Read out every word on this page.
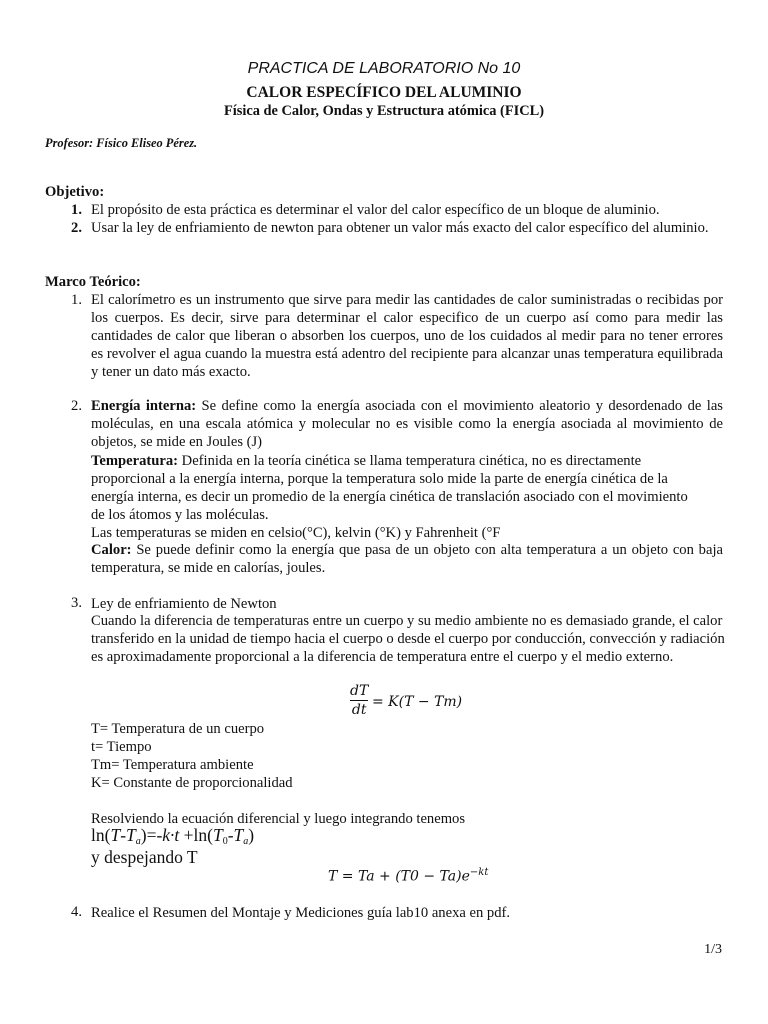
PRACTICA DE LABORATORIO No 10
CALOR ESPECÍFICO DEL ALUMINIO
Física de Calor, Ondas y Estructura atómica (FICL)
Profesor: Físico Eliseo Pérez.
Objetivo:
1. El propósito de esta práctica es determinar el valor del calor específico de un bloque de aluminio.
2. Usar la ley de enfriamiento de newton para obtener un valor más exacto del calor específico del aluminio.
Marco Teórico:
1. El calorímetro es un instrumento que sirve para medir las cantidades de calor suministradas o recibidas por los cuerpos. Es decir, sirve para determinar el calor especifico de un cuerpo así como para medir las cantidades de calor que liberan o absorben los cuerpos, uno de los cuidados al medir para no tener errores es revolver el agua cuando la muestra está adentro del recipiente para alcanzar unas temperatura equilibrada y tener un dato más exacto.
2. Energía interna: Se define como la energía asociada con el movimiento aleatorio y desordenado de las moléculas, en una escala atómica y molecular no es visible como la energía asociada al movimiento de objetos, se mide en Joules (J)
Temperatura: Definida en la teoría cinética se llama temperatura cinética, no es directamente
proporcional a la energía interna, porque la temperatura solo mide la parte de energía cinética de la
energía interna, es decir un promedio de la energía cinética de translación asociado con el movimiento
de los átomos y las moléculas.
Las temperaturas se miden en celsio(°C), kelvin (°K) y Fahrenheit (°F
Calor: Se puede definir como la energía que pasa de un objeto con alta temperatura a un objeto con baja temperatura, se mide en calorías, joules.
3. Ley de enfriamiento de Newton
Cuando la diferencia de temperaturas entre un cuerpo y su medio ambiente no es demasiado grande, el calor transferido en la unidad de tiempo hacia el cuerpo o desde el cuerpo por conducción, convección y radiación es aproximadamente proporcional a la diferencia de temperatura entre el cuerpo y el medio externo.
dT
dt = K(T − Tm)
T= Temperatura de un cuerpo
t= Tiempo
Tm= Temperatura ambiente
K= Constante de proporcionalidad
Resolviendo la ecuación diferencial y luego integrando tenemos
$\ln(T-T_a)=-k\cdot t +\ln(T_0-T_a)$
y despejando T
$T = Ta + (T0 - Ta)e^{-kt}$
4. Realice el Resumen del Montaje y Mediciones guía lab10 anexa en pdf.
1/3
